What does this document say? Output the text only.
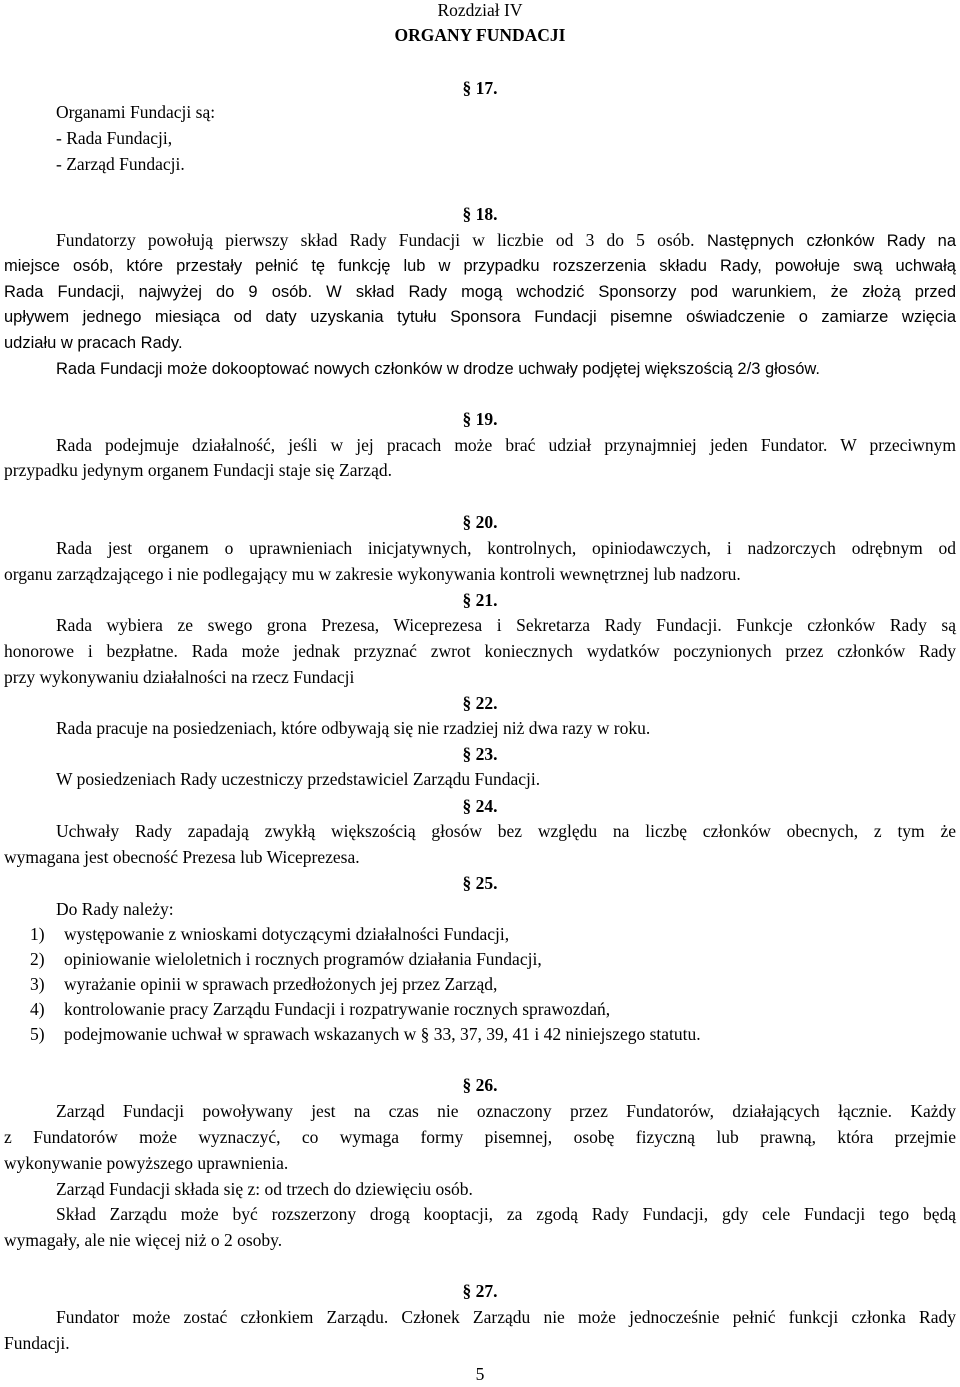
Rozdział IV
ORGANY FUNDACJI
§ 17.
Organami Fundacji są:
- Rada Fundacji,
- Zarząd Fundacji.
§ 18.
Fundatorzy powołują pierwszy skład Rady Fundacji w liczbie od 3 do 5 osób. Następnych członków Rady na
miejsce osób, które przestały pełnić tę funkcję lub w przypadku rozszerzenia składu Rady, powołuje swą uchwałą
Rada Fundacji, najwyżej do 9 osób. W skład Rady mogą wchodzić Sponsorzy pod warunkiem, że złożą przed
upływem jednego miesiąca od daty uzyskania tytułu Sponsora Fundacji pisemne oświadczenie o zamiarze wzięcia
udziału w pracach Rady.
Rada Fundacji może dokooptować nowych członków w drodze uchwały podjętej większością 2/3 głosów.
§ 19.
Rada podejmuje działalność, jeśli w jej pracach może brać udział przynajmniej jeden Fundator. W przeciwnym
przypadku jedynym organem Fundacji staje się Zarząd.
§ 20.
Rada jest organem o uprawnieniach inicjatywnych, kontrolnych, opiniodawczych, i nadzorczych odrębnym od
organu zarządzającego i nie podlegający mu w zakresie wykonywania kontroli wewnętrznej lub nadzoru.
§ 21.
Rada wybiera ze swego grona Prezesa, Wiceprezesa i Sekretarza Rady Fundacji. Funkcje członków Rady są
honorowe i bezpłatne. Rada może jednak przyznać zwrot koniecznych wydatków poczynionych przez członków Rady
przy wykonywaniu działalności na rzecz Fundacji
§ 22.
Rada pracuje na posiedzeniach, które odbywają się nie rzadziej niż dwa razy w roku.
§ 23.
W posiedzeniach Rady uczestniczy przedstawiciel Zarządu Fundacji.
§ 24.
Uchwały Rady zapadają zwykłą większością głosów bez względu na liczbę członków obecnych, z tym że
wymagana jest obecność Prezesa lub Wiceprezesa.
§ 25.
Do Rady należy:
1) występowanie z wnioskami dotyczącymi działalności Fundacji,
2) opiniowanie wieloletnich i rocznych programów działania Fundacji,
3) wyrażanie opinii w sprawach przedłożonych jej przez Zarząd,
4) kontrolowanie pracy Zarządu Fundacji i rozpatrywanie rocznych sprawozdań,
5) podejmowanie uchwał w sprawach wskazanych w § 33, 37, 39, 41 i 42 niniejszego statutu.
§ 26.
Zarząd Fundacji powoływany jest na czas nie oznaczony przez Fundatorów, działających łącznie. Każdy
z Fundatorów może wyznaczyć, co wymaga formy pisemnej, osobę fizyczną lub prawną, która przejmie
wykonywanie powyższego uprawnienia.
Zarząd Fundacji składa się z: od trzech do dziewięciu osób.
Skład Zarządu może być rozszerzony drogą kooptacji, za zgodą Rady Fundacji, gdy cele Fundacji tego będą
wymagały, ale nie więcej niż o 2 osoby.
§ 27.
Fundator może zostać członkiem Zarządu. Członek Zarządu nie może jednocześnie pełnić funkcji członka Rady
Fundacji.
5
